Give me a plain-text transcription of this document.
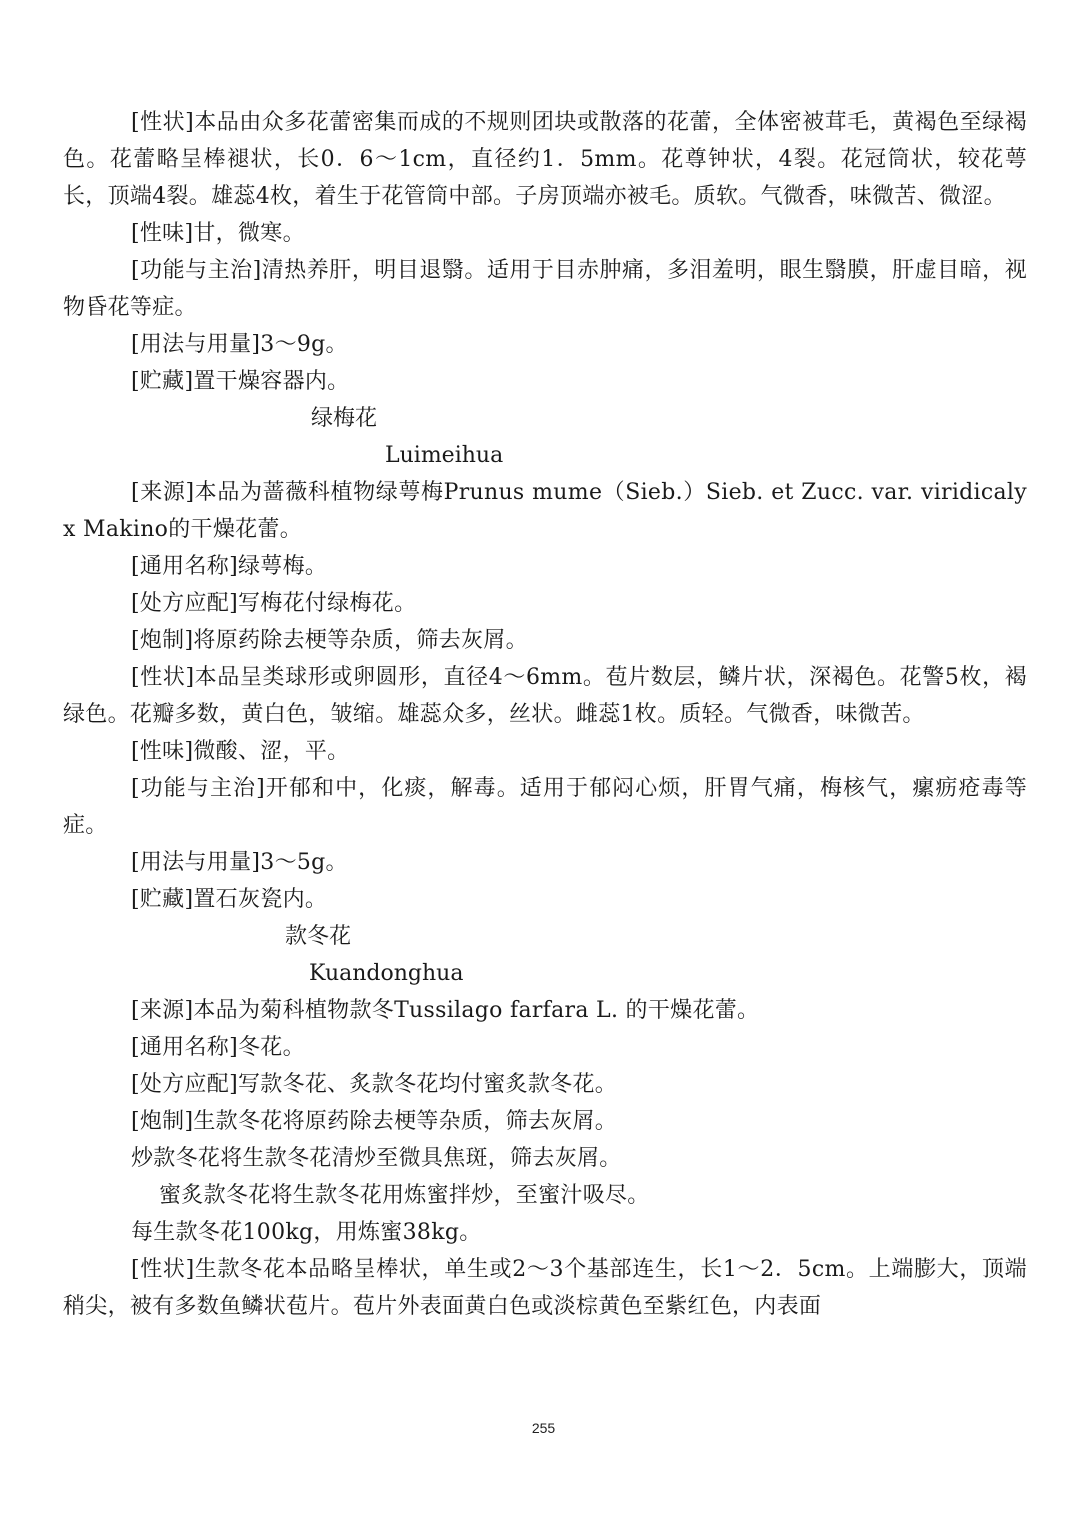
[性状]本品由众多花蕾密集而成的不规则团块或散落的花蕾，全体密被茸毛，黄褐色至绿褐色。花蕾略呈棒褪状，长0．6～1cm，直径约1．5mm。花尊钟状，4裂。花冠筒状，较花萼长，顶端4裂。雄蕊4枚，着生于花管筒中部。子房顶端亦被毛。质软。气微香，味微苦、微涩。

[性味]甘，微寒。

[功能与主治]清热养肝，明目退翳。适用于目赤肿痛，多泪羞明，眼生翳膜，肝虚目暗，视物昏花等症。

[用法与用量]3～9g。

[贮藏]置干燥容器内。

绿梅花

Luimeihua

[来源]本品为蔷薇科植物绿萼梅Prunus mume（Sieb.）Sieb. et Zucc. var. viridicalyx Makino的干燥花蕾。

[通用名称]绿萼梅。

[处方应配]写梅花付绿梅花。

[炮制]将原药除去梗等杂质，筛去灰屑。

[性状]本品呈类球形或卵圆形，直径4～6mm。苞片数层，鳞片状，深褐色。花警5枚，褐绿色。花瓣多数，黄白色，皱缩。雄蕊众多，丝状。雌蕊1枚。质轻。气微香，味微苦。

[性味]微酸、涩，平。

[功能与主治]开郁和中，化痰，解毒。适用于郁闷心烦，肝胃气痛，梅核气，瘰疬疮毒等症。

[用法与用量]3～5g。

[贮藏]置石灰瓷内。

款冬花

Kuandonghua

[来源]本品为菊科植物款冬Tussilago farfara L. 的干燥花蕾。

[通用名称]冬花。

[处方应配]写款冬花、炙款冬花均付蜜炙款冬花。

[炮制]生款冬花将原药除去梗等杂质，筛去灰屑。

炒款冬花将生款冬花清炒至微具焦斑，筛去灰屑。

蜜炙款冬花将生款冬花用炼蜜拌炒，至蜜汁吸尽。

每生款冬花100kg，用炼蜜38kg。

[性状]生款冬花本品略呈棒状，单生或2～3个基部连生，长1～2．5cm。上端膨大，顶端稍尖，被有多数鱼鳞状苞片。苞片外表面黄白色或淡棕黄色至紫红色，内表面

255
